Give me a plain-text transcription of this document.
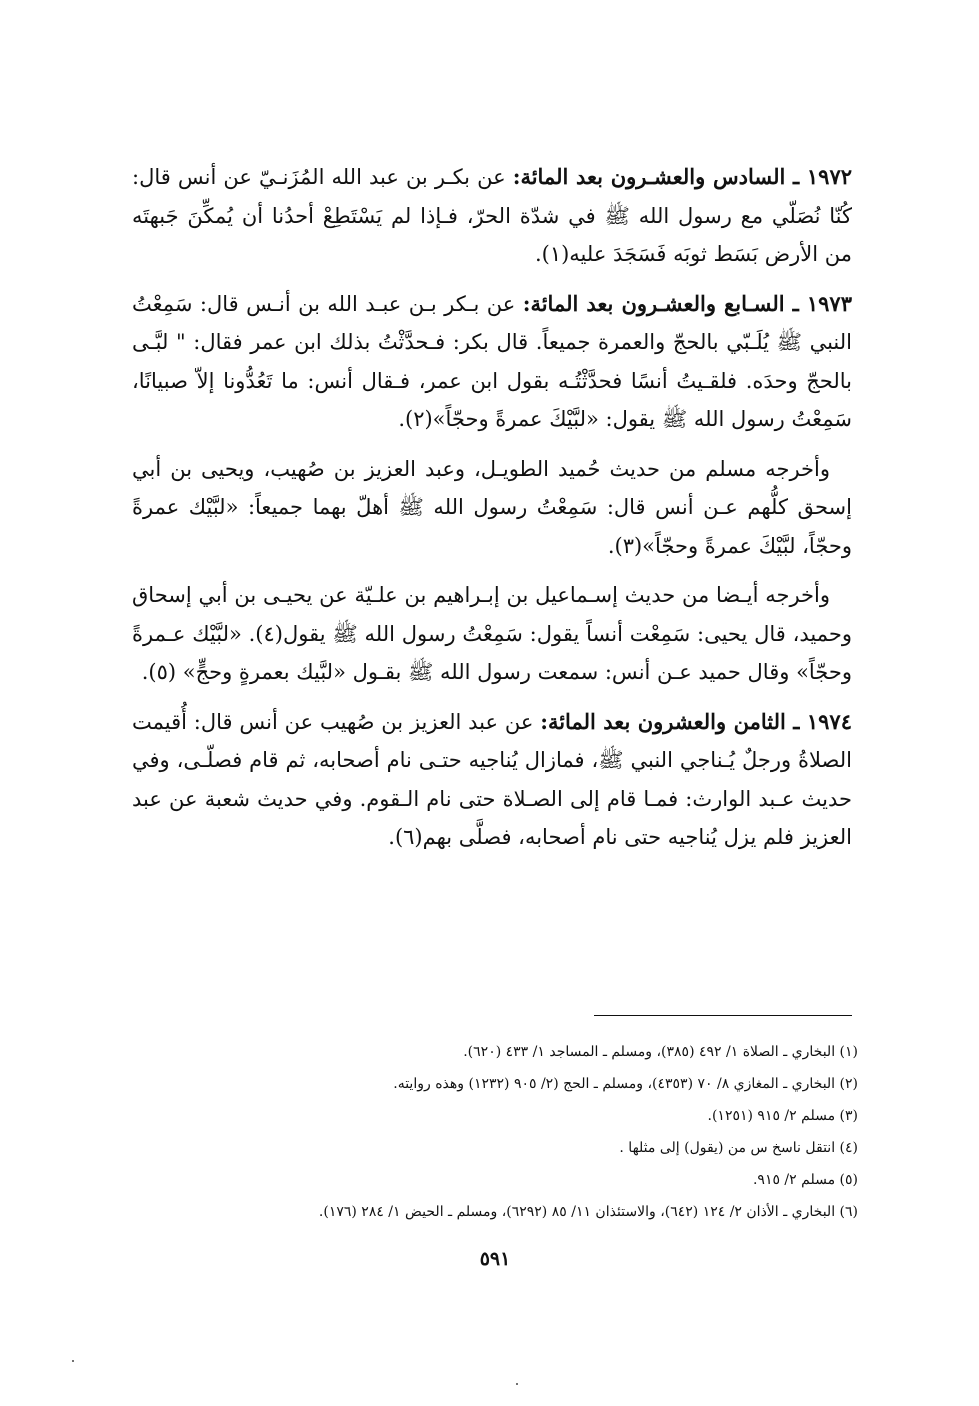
١٩٧٢ ـ السادس والعشـرون بعد المائة: عن بكـر بن عبد الله المُزَنـيّ عن أنس قال: كُنّا نُصَلّي مع رسول الله ﷺ في شدّة الحرّ، فـإذا لم يَسْتَطِعْ أحدُنا أن يُمكِّنَ جَبهتَه من الأرض بَسَط ثوبَه فَسَجَدَ عليه(١).

١٩٧٣ ـ السـابع والعشـرون بعد المائة: عن بـكر بـن عبـد الله بن أنـس قال: سَمِعْتُ النبي ﷺ يُلَـبّي بالحجّ والعمرة جميعاً. قال بكر: فـحدَّثْتُ بذلك ابن عمر فقال: " لبَّـى بالحجّ وحدَه. فلقـيتُ أنسًا فحدَّثْتُـه بقول ابن عمر، فـقال أنس: ما تَعُدُّونا إلاّ صبيانًا، سَمِعْتُ رسول الله ﷺ يقول: «لبَّيْكَ عمرةً وحجّاً»(٢).

وأخرجه مسلم من حديث حُميد الطويـل، وعبد العزيز بن صُهيب، ويحيى بن أبي إسحق كلُّهم عـن أنس قال: سَمِعْتُ رسول الله ﷺ أهلّ بهما جميعاً: «لبَّيْك عمرةً وحجّاً، لبَّيْكَ عمرةً وحجّاً»(٣).

وأخرجه أيـضا من حديث إسـماعيل بن إبـراهيم بن علـيّة عن يحيـى بن أبي إسحاق وحميد، قال يحيى: سَمِعْت أنساً يقول: سَمِعْتُ رسول الله ﷺ يقول(٤). «لبَّيْك عـمرةً وحجّاً» وقال حميد عـن أنس: سمعت رسول الله ﷺ بقـول «لبَّيك بعمرةٍ وحجٍّ» (٥).

١٩٧٤ ـ الثامن والعشرون بعد المائة: عن عبد العزيز بن صُهيب عن أنس قال: أُقيمت الصلاةُ ورجلٌ يُـناجي النبي ﷺ، فمازال يُناجيه حتـى نام أصحابه، ثم قام فصلّـى، وفي حديث عـبد الوارث: فمـا قام إلى الصـلاة حتى نام الـقوم. وفي حديث شعبة عن عبد العزيز فلم يزل يُناجيه حتى نام أصحابه، فصلَّى بهم(٦).

(١) البخاري ـ الصلاة ١/ ٤٩٢ (٣٨٥)، ومسلم ـ المساجد ١/ ٤٣٣ (٦٢٠).

(٢) البخاري ـ المغازي ٨/ ٧٠ (٤٣٥٣)، ومسلم ـ الحج (٢/ ٩٠٥ (١٢٣٢) وهذه روايته.

(٣) مسلم ٢/ ٩١٥ (١٢٥١).

(٤) انتقل ناسخ س من (يقول) إلى مثلها .

(٥) مسلم ٢/ ٩١٥.

(٦) البخاري ـ الأذان ٢/ ١٢٤ (٦٤٢)، والاستئذان ١١/ ٨٥ (٦٢٩٢)، ومسلم ـ الحيض ١/ ٢٨٤ (١٧٦).

٥٩١
